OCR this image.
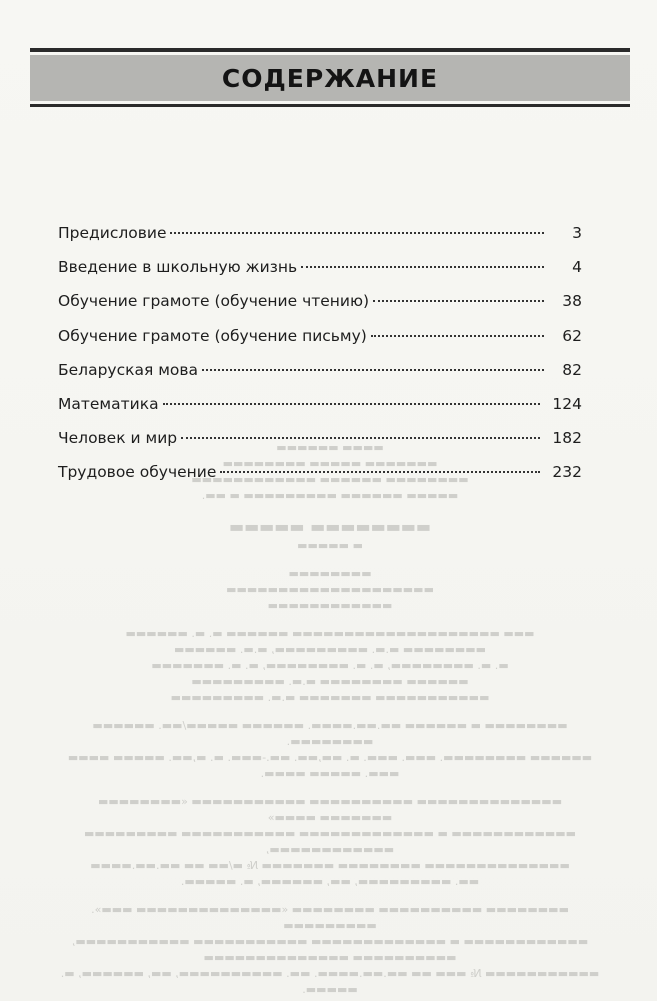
СОДЕРЖАНИЕ
▬▬▬▬ ▬▬▬▬▬▬
▬▬▬▬▬▬▬ ▬▬▬▬▬ ▬▬▬▬▬▬▬▬
▬▬▬▬▬▬▬▬ ▬▬▬▬▬▬ ▬▬▬▬▬▬▬▬▬▬▬▬
▬▬▬▬▬ ▬▬▬▬▬▬ ▬▬▬▬▬▬▬▬▬ ▬ ▬▬.
▬▬▬▬▬▬▬▬ ▬▬▬▬▬
▬ ▬▬▬▬▬
▬▬▬▬▬▬▬▬
▬▬▬▬▬▬▬▬▬▬▬▬▬▬▬▬▬▬▬▬
▬▬▬▬▬▬▬▬▬▬▬▬
▬▬▬ ▬▬▬▬▬▬▬▬▬▬▬▬▬▬▬▬▬▬▬▬ ▬▬▬▬▬▬ ▬. ▬. ▬▬▬▬▬▬
▬▬▬▬▬▬▬▬ ▬.▬. ▬▬▬▬▬▬▬▬▬, ▬.▬. ▬▬▬▬▬▬
▬. ▬. ▬▬▬▬▬▬▬▬, ▬. ▬. ▬▬▬▬▬▬▬▬, ▬. ▬. ▬▬▬▬▬▬▬
▬▬▬▬▬▬ ▬▬▬▬▬▬▬▬ ▬.▬. ▬▬▬▬▬▬▬▬▬
▬▬▬▬▬▬▬▬▬▬▬ ▬▬▬▬▬▬▬ ▬.▬. ▬▬▬▬▬▬▬▬▬
▬▬▬▬▬▬▬▬ ▬ ▬▬▬▬▬▬ ▬▬.▬▬.▬▬▬▬. ▬▬▬▬▬▬ ▬▬▬▬▬/▬▬. ▬▬▬▬▬▬ ▬▬▬▬▬▬▬▬.
▬▬▬▬▬▬ ▬▬▬▬▬▬▬▬. ▬▬▬. ▬▬▬. ▬. ▬▬,▬▬. ▬▬.-▬▬▬. ▬. ▬,▬▬. ▬▬▬▬▬ ▬▬▬▬ ▬▬▬. ▬▬▬▬▬ ▬▬▬▬.
▬▬▬▬▬▬▬▬▬▬▬▬▬▬ ▬▬▬▬▬▬▬▬▬▬ ▬▬▬▬▬▬▬▬▬▬▬ «▬▬▬▬▬▬▬▬ ▬▬▬▬▬▬▬ ▬▬▬▬»
▬▬▬▬▬▬▬▬▬▬▬▬ ▬ ▬▬▬▬▬▬▬▬▬▬▬▬▬ ▬▬▬▬▬▬▬▬▬▬▬ ▬▬▬▬▬▬▬▬▬ ▬▬▬▬▬▬▬▬▬▬▬▬,
▬▬▬▬▬▬▬▬▬▬▬▬▬▬ ▬▬▬▬▬▬▬▬ ▬▬▬▬▬▬▬ № ▬/▬▬ ▬▬ ▬▬.▬▬.▬▬▬▬
▬▬. ▬▬▬▬▬▬▬▬▬, ▬▬, ▬▬▬▬▬▬, ▬. ▬▬▬▬▬.
▬▬▬▬▬▬▬▬ ▬▬▬▬▬▬▬▬▬▬ ▬▬▬▬▬▬▬▬ «▬▬▬▬▬▬▬▬▬▬▬▬▬▬ ▬▬▬». ▬▬▬▬▬▬▬▬▬
▬▬▬▬▬▬▬▬▬▬▬▬ ▬ ▬▬▬▬▬▬▬▬▬▬▬▬▬ ▬▬▬▬▬▬▬▬▬▬▬ ▬▬▬▬▬▬▬▬▬▬▬, ▬▬▬▬▬▬▬▬▬▬ ▬▬▬▬▬▬▬▬▬▬▬▬▬▬
▬▬▬▬▬▬▬▬▬▬▬ № ▬▬▬ ▬▬ ▬▬.▬▬.▬▬▬▬. ▬▬. ▬▬▬▬▬▬▬▬▬▬, ▬▬, ▬▬▬▬▬▬, ▬. ▬▬▬▬▬.
Предисловие	3
Введение в школьную жизнь	4
Обучение грамоте (обучение чтению)	38
Обучение грамоте (обучение письму)	62
Беларуская мова	82
Математика	124
Человек и мир	182
Трудовое обучение	232
